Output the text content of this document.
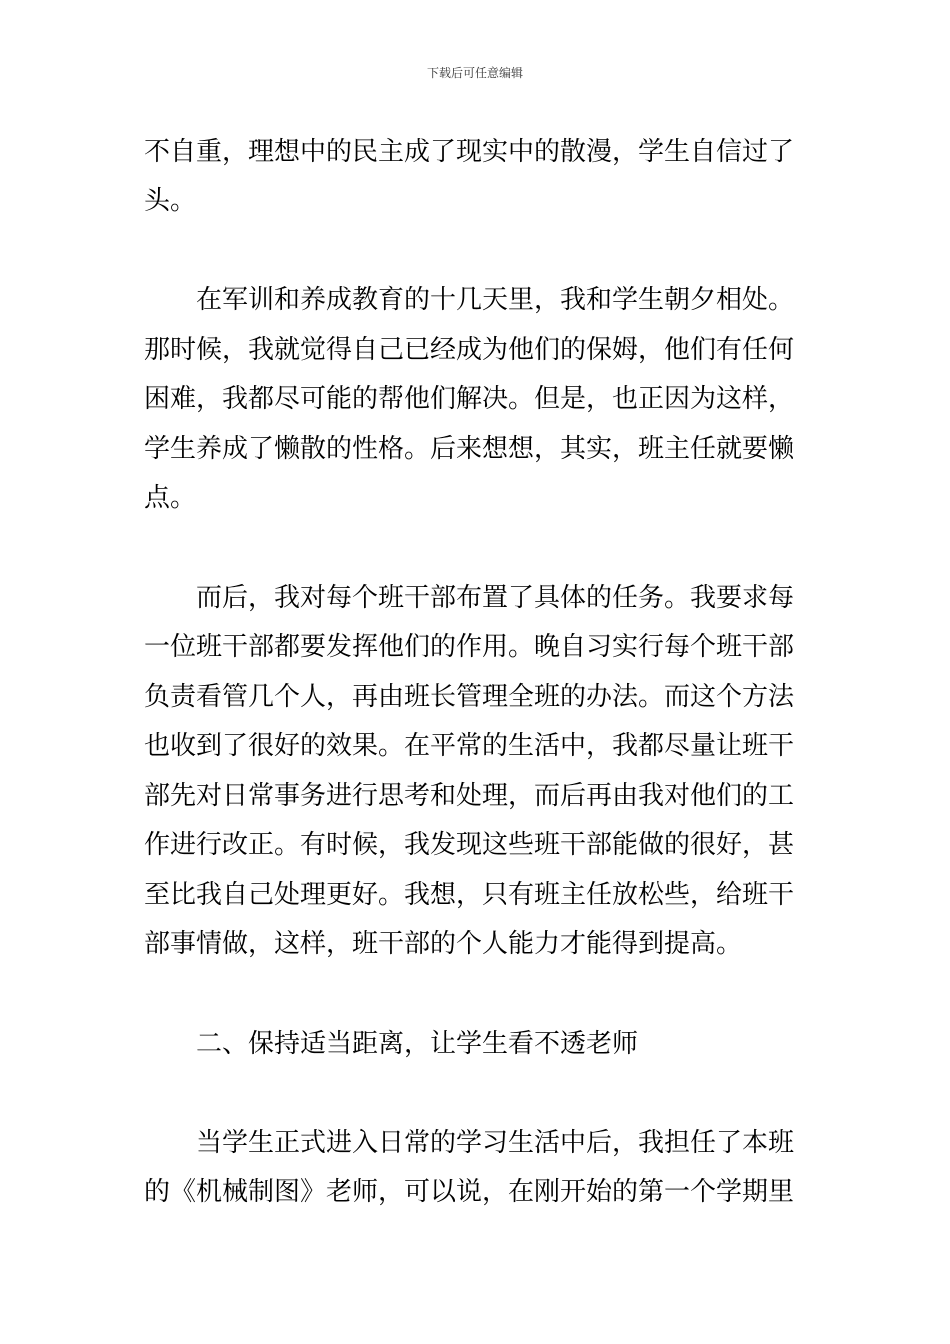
下载后可任意编辑
不自重，理想中的民主成了现实中的散漫，学生自信过了
头。
在军训和养成教育的十几天里，我和学生朝夕相处。
那时候，我就觉得自己已经成为他们的保姆，他们有任何
困难，我都尽可能的帮他们解决。但是，也正因为这样，
学生养成了懒散的性格。后来想想，其实，班主任就要懒
点。
而后，我对每个班干部布置了具体的任务。我要求每
一位班干部都要发挥他们的作用。晚自习实行每个班干部
负责看管几个人，再由班长管理全班的办法。而这个方法
也收到了很好的效果。在平常的生活中，我都尽量让班干
部先对日常事务进行思考和处理，而后再由我对他们的工
作进行改正。有时候，我发现这些班干部能做的很好，甚
至比我自己处理更好。我想，只有班主任放松些，给班干
部事情做，这样，班干部的个人能力才能得到提高。
二、保持适当距离，让学生看不透老师
当学生正式进入日常的学习生活中后，我担任了本班
的《机械制图》老师，可以说，在刚开始的第一个学期里
